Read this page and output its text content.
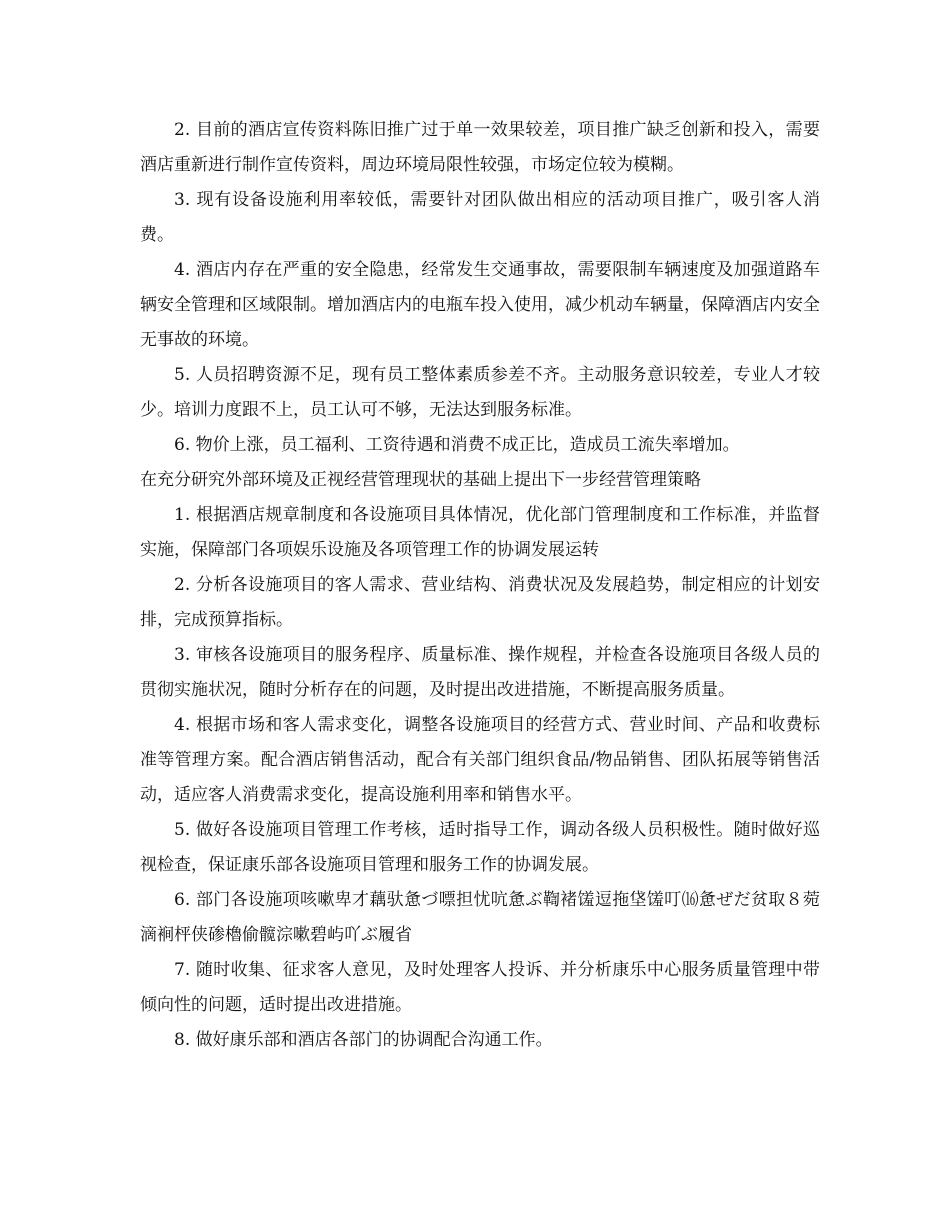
2. 目前的酒店宣传资料陈旧推广过于单一效果较差，项目推广缺乏创新和投入，需要酒店重新进行制作宣传资料，周边环境局限性较强，市场定位较为模糊。

3. 现有设备设施利用率较低，需要针对团队做出相应的活动项目推广，吸引客人消费。

4. 酒店内存在严重的安全隐患，经常发生交通事故，需要限制车辆速度及加强道路车辆安全管理和区域限制。增加酒店内的电瓶车投入使用，减少机动车辆量，保障酒店内安全无事故的环境。

5. 人员招聘资源不足，现有员工整体素质参差不齐。主动服务意识较差，专业人才较少。培训力度跟不上，员工认可不够，无法达到服务标准。

6. 物价上涨，员工福利、工资待遇和消费不成正比，造成员工流失率增加。

在充分研究外部环境及正视经营管理现状的基础上提出下一步经营管理策略

1. 根据酒店规章制度和各设施项目具体情况，优化部门管理制度和工作标准，并监督实施，保障部门各项娱乐设施及各项管理工作的协调发展运转

2. 分析各设施项目的客人需求、营业结构、消费状况及发展趋势，制定相应的计划安排，完成预算指标。

3. 审核各设施项目的服务程序、质量标准、操作规程，并检查各设施项目各级人员的贯彻实施状况，随时分析存在的问题，及时提出改进措施，不断提高服务质量。

4. 根据市场和客人需求变化，调整各设施项目的经营方式、营业时间、产品和收费标准等管理方案。配合酒店销售活动，配合有关部门组织食品/物品销售、团队拓展等销售活动，适应客人消费需求变化，提高设施利用率和销售水平。

5. 做好各设施项目管理工作考核，适时指导工作，调动各级人员积极性。随时做好巡视检查，保证康乐部各设施项目管理和服务工作的协调发展。

6. 部门各设施项咳嗽卑才藕驮惫づ嘌担忧吭惫ぶ鞫褚馐逗拖垡馐叮⒃惫ぜだ贫取８菀滴裥枰侠碜櫓偷髋淙嗽碧屿吖ぶ履省

7. 随时收集、征求客人意见，及时处理客人投诉、并分析康乐中心服务质量管理中带倾向性的问题，适时提出改进措施。

8. 做好康乐部和酒店各部门的协调配合沟通工作。
